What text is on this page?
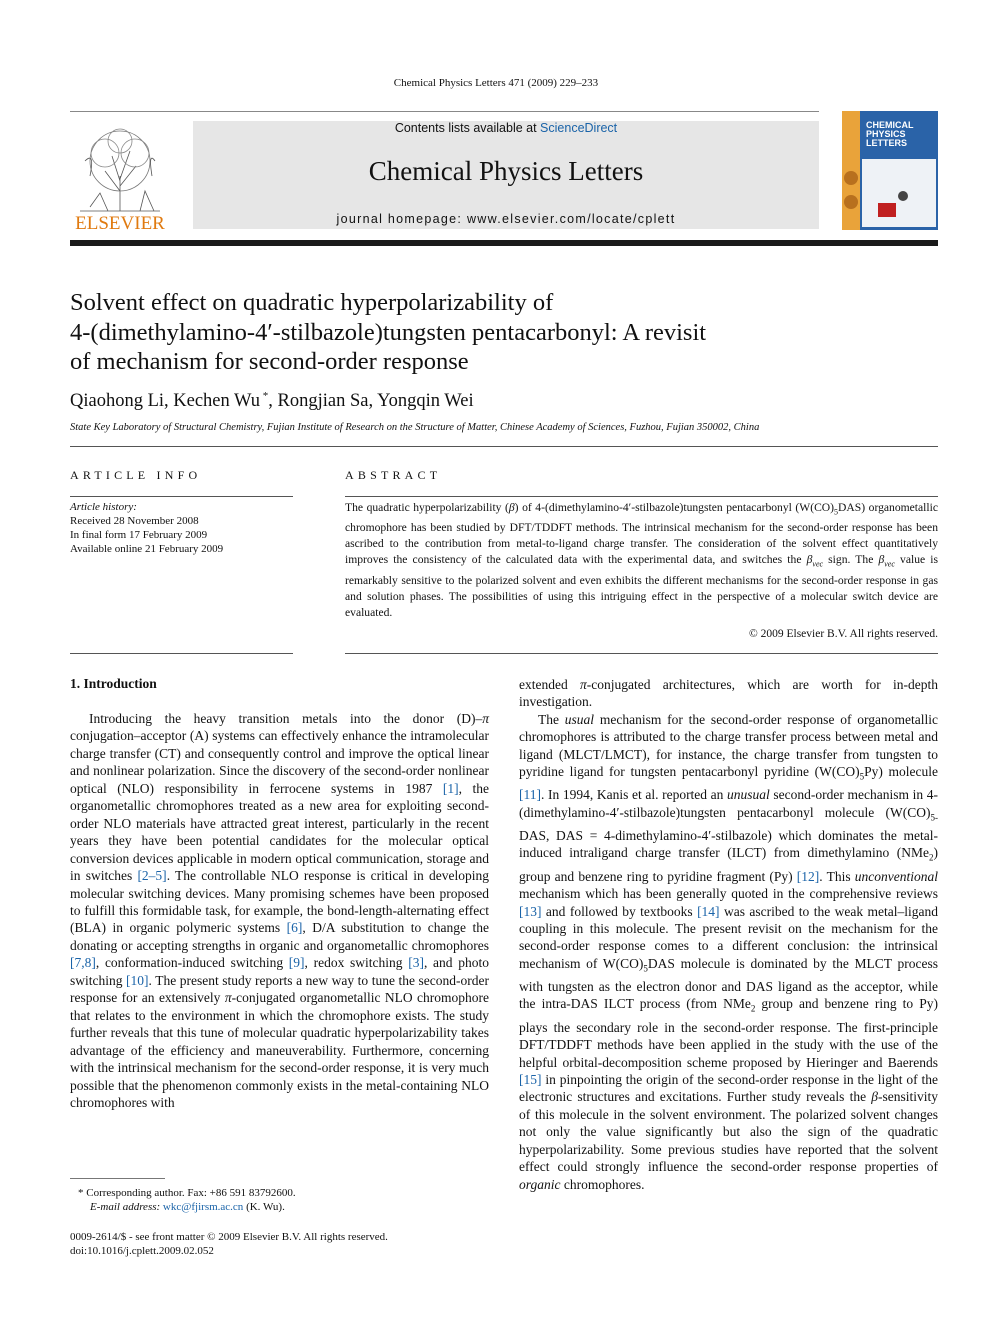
Chemical Physics Letters 471 (2009) 229–233
ELSEVIER
Contents lists available at ScienceDirect
Chemical Physics Letters
journal homepage: www.elsevier.com/locate/cplett
CHEMICAL
PHYSICS
LETTERS
Solvent effect on quadratic hyperpolarizability of
4-(dimethylamino-4′-stilbazole)tungsten pentacarbonyl: A revisit
of mechanism for second-order response
Qiaohong Li, Kechen Wu *, Rongjian Sa, Yongqin Wei
State Key Laboratory of Structural Chemistry, Fujian Institute of Research on the Structure of Matter, Chinese Academy of Sciences, Fuzhou, Fujian 350002, China
ARTICLE INFO
Article history:
Received 28 November 2008
In final form 17 February 2009
Available online 21 February 2009
ABSTRACT
The quadratic hyperpolarizability (β) of 4-(dimethylamino-4′-stilbazole)tungsten pentacarbonyl $(W(CO)_5DAS)$ organometallic chromophore has been studied by DFT/TDDFT methods. The intrinsical mechanism for the second-order response has been ascribed to the contribution from metal-to-ligand charge transfer. The consideration of the solvent effect quantitatively improves the consistency of the calculated data with the experimental data, and switches the $\beta_{vec}$ sign. The $\beta_{vec}$ value is remarkably sensitive to the polarized solvent and even exhibits the different mechanisms for the second-order response in gas and solution phases. The possibilities of using this intriguing effect in the perspective of a molecular switch device are evaluated.
© 2009 Elsevier B.V. All rights reserved.
1. Introduction

Introducing the heavy transition metals into the donor (D)–π conjugation–acceptor (A) systems can effectively enhance the intramolecular charge transfer (CT) and consequently control and improve the optical linear and nonlinear polarization. Since the discovery of the second-order nonlinear optical (NLO) responsibility in ferrocene systems in 1987 [1], the organometallic chromophores treated as a new area for exploiting second-order NLO materials have attracted great interest, particularly in the recent years they have been potential candidates for the molecular optical conversion devices applicable in modern optical communication, storage and in switches [2–5]. The controllable NLO response is critical in developing molecular switching devices. Many promising schemes have been proposed to fulfill this formidable task, for example, the bond-length-alternating effect (BLA) in organic polymeric systems [6], D/A substitution to change the donating or accepting strengths in organic and organometallic chromophores [7,8], conformation-induced switching [9], redox switching [3], and photo switching [10]. The present study reports a new way to tune the second-order response for an extensively π-conjugated organometallic NLO chromophore that relates to the environment in which the chromophore exists. The study further reveals that this tune of molecular quadratic hyperpolarizability takes advantage of the efficiency and maneuverability. Furthermore, concerning with the intrinsical mechanism for the second-order response, it is very much possible that the phenomenon commonly exists in the metal-containing NLO chromophores with

extended π-conjugated architectures, which are worth for in-depth investigation.

The usual mechanism for the second-order response of organometallic chromophores is attributed to the charge transfer process between metal and ligand (MLCT/LMCT), for instance, the charge transfer from tungsten to pyridine ligand for tungsten pentacarbonyl pyridine $(W(CO)_5Py)$ molecule [11]. In 1994, Kanis et al. reported an unusual second-order mechanism in 4-(dimethylamino-4′-stilbazole)tungsten pentacarbonyl molecule ($W(CO)_{5-}$ DAS, DAS = 4-dimethylamino-4′-stilbazole) which dominates the metal-induced intraligand charge transfer (ILCT) from dimethylamino (NMe$_2$) group and benzene ring to pyridine fragment (Py) [12]. This unconventional mechanism which has been generally quoted in the comprehensive reviews [13] and followed by textbooks [14] was ascribed to the weak metal–ligand coupling in this molecule. The present revisit on the mechanism for the second-order response comes to a different conclusion: the intrinsical mechanism of $W(CO)_5DAS$ molecule is dominated by the MLCT process with tungsten as the electron donor and DAS ligand as the acceptor, while the intra-DAS ILCT process (from NMe$_2$ group and benzene ring to Py) plays the secondary role in the second-order response. The first-principle DFT/TDDFT methods have been applied in the study with the use of the helpful orbital-decomposition scheme proposed by Hieringer and Baerends [15] in pinpointing the origin of the second-order response in the light of the electronic structures and excitations. Further study reveals the β-sensitivity of this molecule in the solvent environment. The polarized solvent changes not only the value significantly but also the sign of the quadratic hyperpolarizability. Some previous studies have reported that the solvent effect could strongly influence the second-order response properties of organic chromophores.

* Corresponding author. Fax: +86 591 83792600.
E-mail address: wkc@fjirsm.ac.cn (K. Wu).
0009-2614/$ - see front matter © 2009 Elsevier B.V. All rights reserved.
doi:10.1016/j.cplett.2009.02.052
